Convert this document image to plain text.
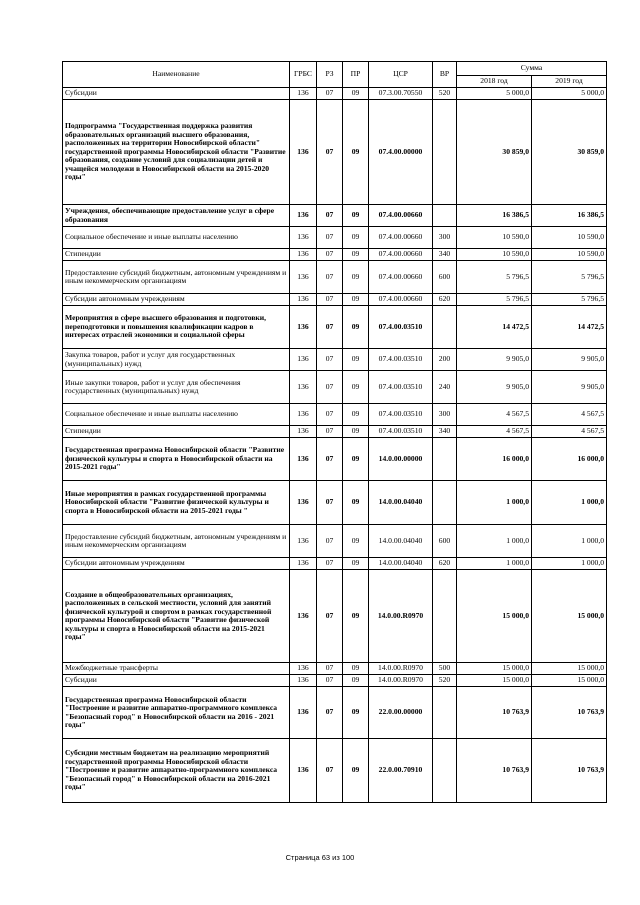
Наименование	ГРБС	РЗ	ПР	ЦСР	ВР	Сумма	
						2018 год	2019 год
Субсидии	136	07	09	07.3.00.70550	520	5 000,0	5 000,0
Подпрограмма "Государственная поддержка развития образовательных организаций высшего образования, расположенных на территории Новосибирской области" государственной программы Новосибирской области "Развитие образования, создание условий для социализации детей и учащейся молодежи в Новосибирской области на 2015-2020 годы"	136	07	09	07.4.00.00000		30 859,0	30 859,0
Учреждения, обеспечивающие предоставление услуг в сфере образования	136	07	09	07.4.00.00660		16 386,5	16 386,5
Социальное обеспечение и иные выплаты населению	136	07	09	07.4.00.00660	300	10 590,0	10 590,0
Стипендии	136	07	09	07.4.00.00660	340	10 590,0	10 590,0
Предоставление субсидий бюджетным, автономным учреждениям и иным некоммерческим организациям	136	07	09	07.4.00.00660	600	5 796,5	5 796,5
Субсидии автономным учреждениям	136	07	09	07.4.00.00660	620	5 796,5	5 796,5
Мероприятия в сфере высшего образования и подготовки, переподготовки и повышения квалификации кадров в интересах отраслей экономики и социальной сферы	136	07	09	07.4.00.03510		14 472,5	14 472,5
Закупка товаров, работ и услуг для государственных (муниципальных) нужд	136	07	09	07.4.00.03510	200	9 905,0	9 905,0
Иные закупки товаров, работ и услуг для обеспечения государственных (муниципальных) нужд	136	07	09	07.4.00.03510	240	9 905,0	9 905,0
Социальное обеспечение и иные выплаты населению	136	07	09	07.4.00.03510	300	4 567,5	4 567,5
Стипендии	136	07	09	07.4.00.03510	340	4 567,5	4 567,5
Государственная программа Новосибирской области "Развитие физической культуры и спорта в Новосибирской области на 2015-2021 годы"	136	07	09	14.0.00.00000		16 000,0	16 000,0
Иные мероприятия в рамках государственной программы Новосибирской области "Развитие физической культуры и спорта в Новосибирской области на 2015-2021 годы "	136	07	09	14.0.00.04040		1 000,0	1 000,0
Предоставление субсидий бюджетным, автономным учреждениям и иным некоммерческим организациям	136	07	09	14.0.00.04040	600	1 000,0	1 000,0
Субсидии автономным учреждениям	136	07	09	14.0.00.04040	620	1 000,0	1 000,0
Создание в общеобразовательных организациях, расположенных в сельской местности, условий для занятий физической культурой и спортом в рамках государственной программы Новосибирской области "Развитие физической культуры и спорта в Новосибирской области на 2015-2021 годы"	136	07	09	14.0.00.R0970		15 000,0	15 000,0
Межбюджетные трансферты	136	07	09	14.0.00.R0970	500	15 000,0	15 000,0
Субсидии	136	07	09	14.0.00.R0970	520	15 000,0	15 000,0
Государственная программа Новосибирской области "Построение и развитие аппаратно-программного комплекса "Безопасный город" в Новосибирской области на 2016 - 2021 годы"	136	07	09	22.0.00.00000		10 763,9	10 763,9
Субсидии местным бюджетам на реализацию мероприятий государственной программы Новосибирской области "Построение и развитие аппаратно-программного комплекса "Безопасный город" в Новосибирской области на 2016-2021 годы"	136	07	09	22.0.00.70910		10 763,9	10 763,9
Страница 63 из 100
